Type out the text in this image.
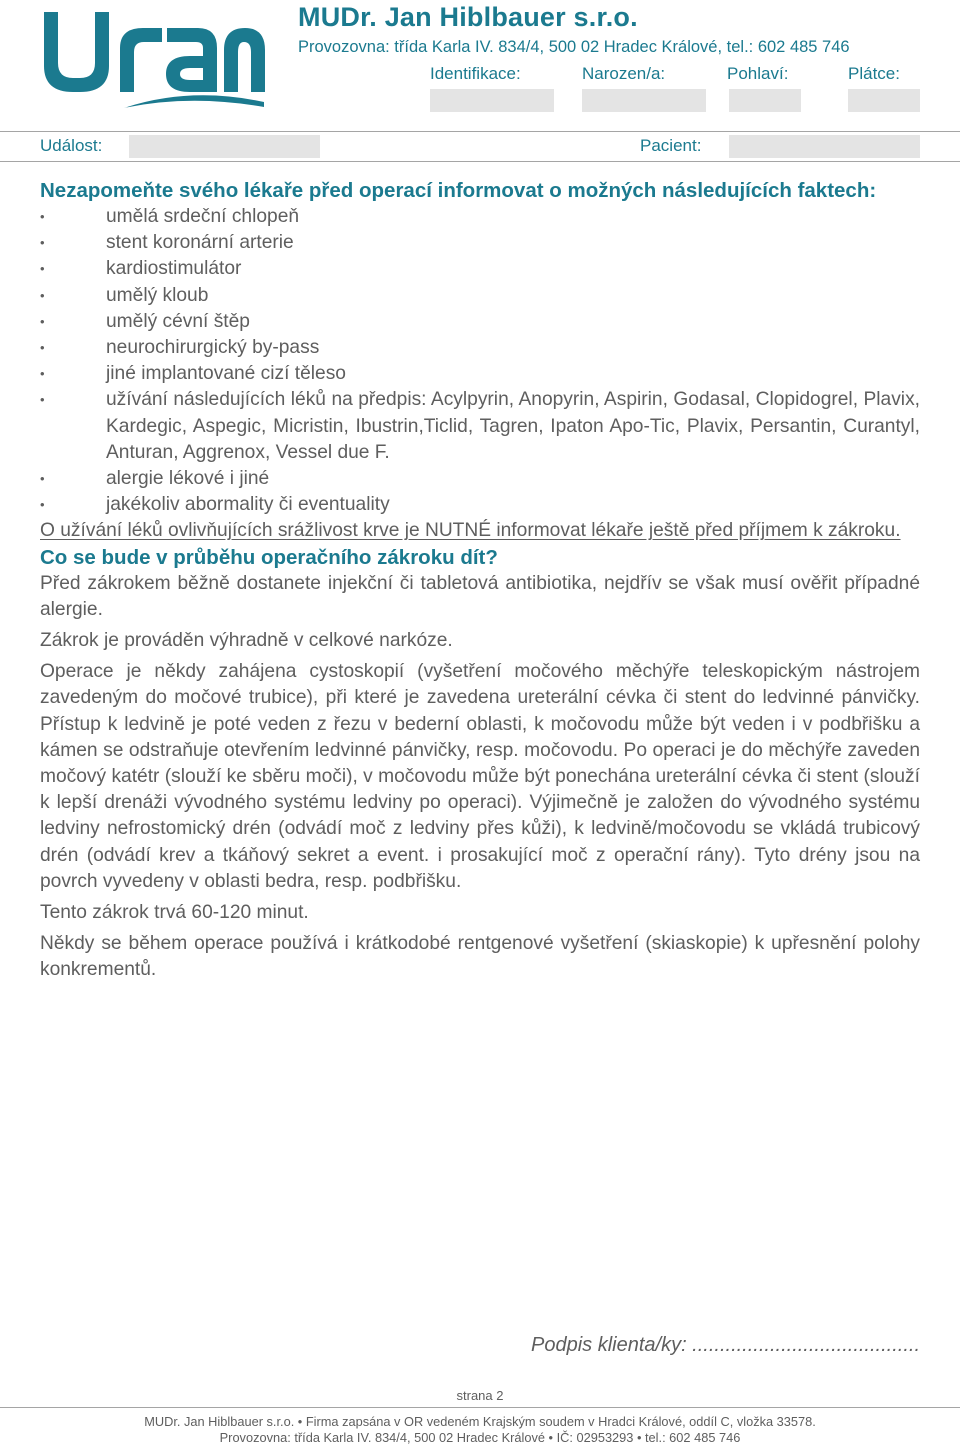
MUDr. Jan Hiblbauer s.r.o.
Provozovna: třída Karla IV. 834/4, 500 02 Hradec Králové, tel.: 602 485 746
Identifikace:	Narozen/a:	Pohlaví:	Plátce:
Událost:	Pacient:
Nezapomeňte svého lékaře před operací informovat o možných následujících faktech:
• umělá srdeční chlopeň
• stent koronární arterie
• kardiostimulátor
• umělý kloub
• umělý cévní štěp
• neurochirurgický by-pass
• jiné implantované cizí těleso
• užívání následujících léků na předpis: Acylpyrin, Anopyrin, Aspirin, Godasal, Clopidogrel, Plavix, Kardegic, Aspegic, Micristin, Ibustrin,Ticlid, Tagren, Ipaton Apo-Tic, Plavix, Persantin, Curantyl, Anturan, Aggrenox, Vessel due F.
• alergie lékové i jiné
• jakékoliv abormality či eventuality

O užívání léků ovlivňujících srážlivost krve je NUTNÉ informovat lékaře ještě před příjmem k zákroku.

Co se bude v průběhu operačního zákroku dít?

Před zákrokem běžně dostanete injekční či tabletová antibiotika, nejdřív se však musí ověřit případné alergie.

Zákrok je prováděn výhradně v celkové narkóze.

Operace je někdy zahájena cystoskopií (vyšetření močového měchýře teleskopickým nástrojem zavedeným do močové trubice), při které je zavedena ureterální cévka či stent do ledvinné pánvičky. Přístup k ledvině je poté veden z řezu v bederní oblasti, k močovodu může být veden i v podbřišku a kámen se odstraňuje otevřením ledvinné pánvičky, resp. močovodu. Po operaci je do měchýře zaveden močový katétr (slouží ke sběru moči), v močovodu může být ponechána ureterální cévka či stent (slouží k lepší drenáži vývodného systému ledviny po operaci). Výjimečně je založen do vývodného systému ledviny nefrostomický drén (odvádí moč z ledviny přes kůži), k ledvině/močovodu se vkládá trubicový drén (odvádí krev a tkáňový sekret a event. i prosakující moč z operační rány). Tyto drény jsou na povrch vyvedeny v oblasti bedra, resp. podbřišku.

Tento zákrok trvá 60-120 minut.

Někdy se během operace používá i krátkodobé rentgenové vyšetření (skiaskopie) k upřesnění polohy konkrementů.

Podpis klienta/ky: .........................................
strana 2
MUDr. Jan Hiblbauer s.r.o. • Firma zapsána v OR vedeném Krajským soudem v Hradci Králové, oddíl C, vložka 33578.
Provozovna: třída Karla IV. 834/4, 500 02 Hradec Králové • IČ: 02953293 • tel.: 602 485 746
